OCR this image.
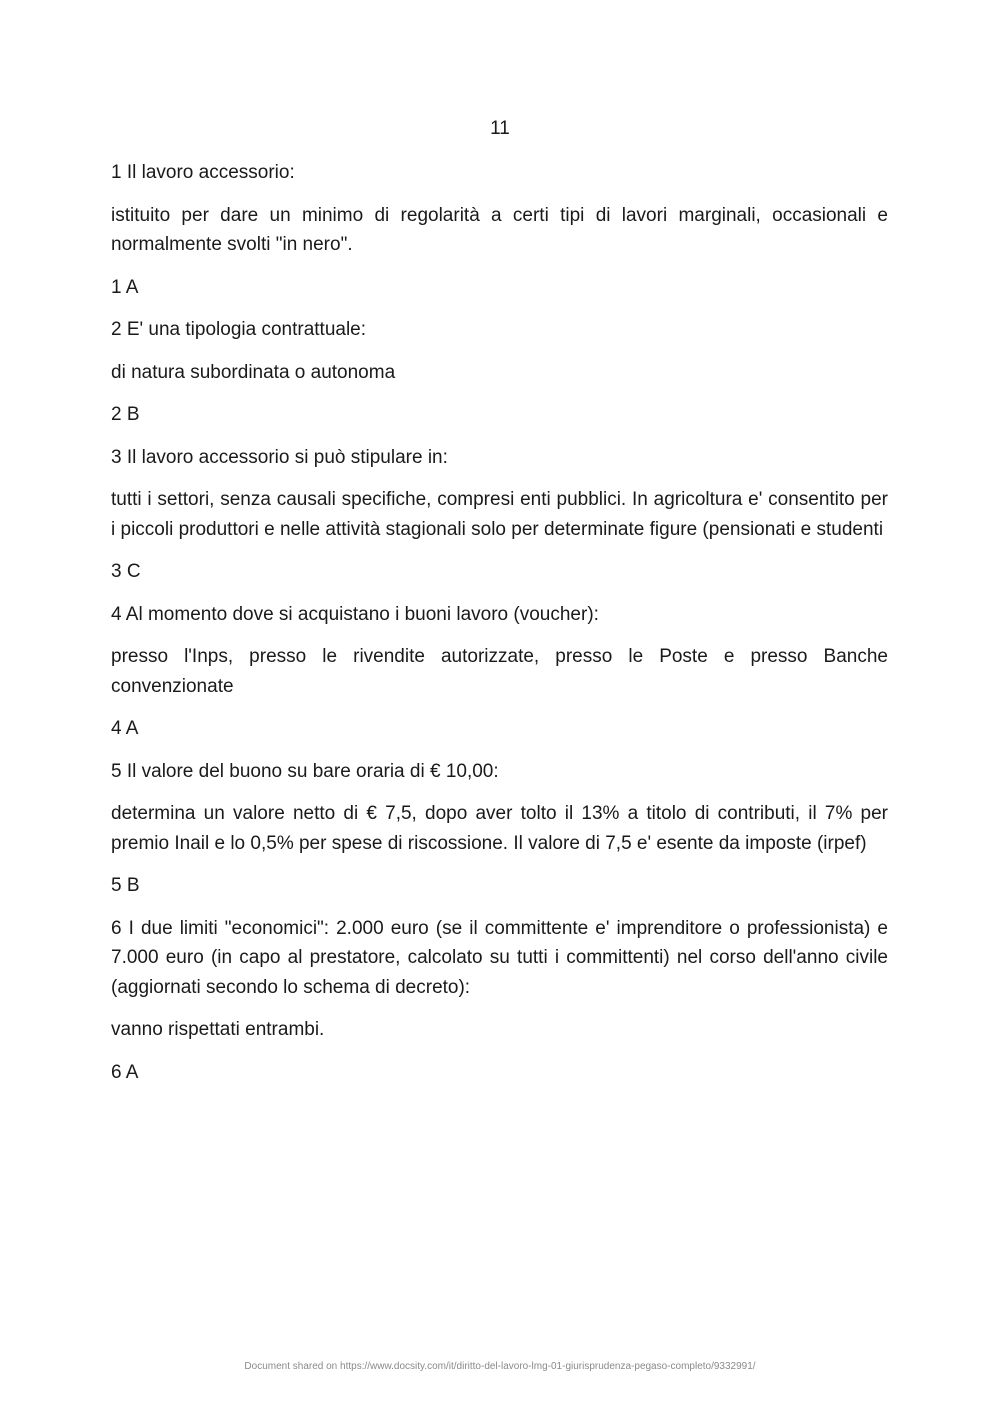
11

1 Il lavoro accessorio:

istituito per dare un minimo di regolarità a certi tipi di lavori marginali, occasionali e normalmente svolti "in nero".

1 A

2 E' una tipologia contrattuale:

di natura subordinata o autonoma

2 B

3 Il lavoro accessorio si può stipulare in:

tutti i settori, senza causali specifiche, compresi enti pubblici. In agricoltura e' consentito per i piccoli produttori e nelle attività stagionali solo per determinate figure (pensionati e studenti

3 C

4 Al momento dove si acquistano i buoni lavoro (voucher):

presso l'Inps, presso le rivendite autorizzate, presso le Poste e presso Banche convenzionate

4 A

5 Il valore del buono su bare oraria di € 10,00:

determina un valore netto di € 7,5, dopo aver tolto il 13% a titolo di contributi, il 7% per premio Inail e lo 0,5% per spese di riscossione. Il valore di 7,5 e' esente da imposte (irpef)

5 B

6 I due limiti "economici": 2.000 euro (se il committente e' imprenditore o professionista) e 7.000 euro (in capo al prestatore, calcolato su tutti i committenti) nel corso dell'anno civile (aggiornati secondo lo schema di decreto):

vanno rispettati entrambi.

6 A

Document shared on https://www.docsity.com/it/diritto-del-lavoro-lmg-01-giurisprudenza-pegaso-completo/9332991/
